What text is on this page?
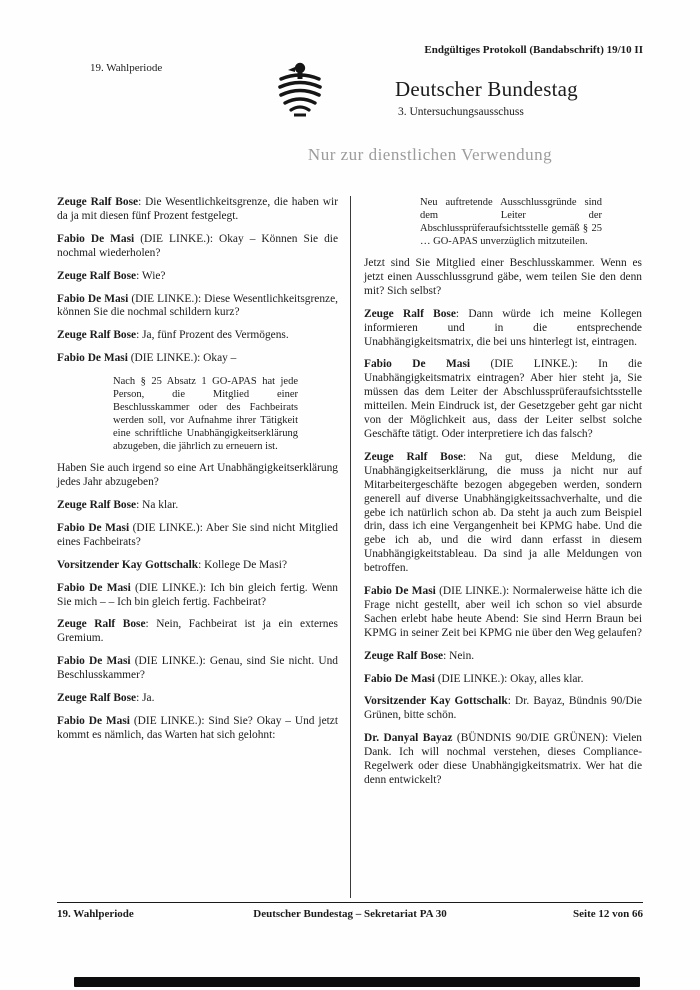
Endgültiges Protokoll (Bandabschrift) 19/10 II
19. Wahlperiode
Deutscher Bundestag
3. Untersuchungsausschuss
Nur zur dienstlichen Verwendung

Zeuge Ralf Bose: Die Wesentlichkeitsgrenze, die haben wir da ja mit diesen fünf Prozent festgelegt.

Fabio De Masi (DIE LINKE.): Okay – Können Sie die nochmal wiederholen?

Zeuge Ralf Bose: Wie?

Fabio De Masi (DIE LINKE.): Diese Wesentlichkeitsgrenze, können Sie die nochmal schildern kurz?

Zeuge Ralf Bose: Ja, fünf Prozent des Vermögens.

Fabio De Masi (DIE LINKE.): Okay –

Nach § 25 Absatz 1 GO-APAS hat jede Person, die Mitglied einer Beschlusskammer oder des Fachbeirats werden soll, vor Aufnahme ihrer Tätigkeit eine schriftliche Unabhängigkeitserklärung abzugeben, die jährlich zu erneuern ist.

Haben Sie auch irgend so eine Art Unabhängigkeitserklärung jedes Jahr abzugeben?

Zeuge Ralf Bose: Na klar.

Fabio De Masi (DIE LINKE.): Aber Sie sind nicht Mitglied eines Fachbeirats?

Vorsitzender Kay Gottschalk: Kollege De Masi?

Fabio De Masi (DIE LINKE.): Ich bin gleich fertig. Wenn Sie mich – – Ich bin gleich fertig. Fachbeirat?

Zeuge Ralf Bose: Nein, Fachbeirat ist ja ein externes Gremium.

Fabio De Masi (DIE LINKE.): Genau, sind Sie nicht. Und Beschlusskammer?

Zeuge Ralf Bose: Ja.

Fabio De Masi (DIE LINKE.): Sind Sie? Okay – Und jetzt kommt es nämlich, das Warten hat sich gelohnt:

Neu auftretende Ausschlussgründe sind dem Leiter der Abschlussprüferaufsichtsstelle gemäß § 25 … GO-APAS unverzüglich mitzuteilen.

Jetzt sind Sie Mitglied einer Beschlusskammer. Wenn es jetzt einen Ausschlussgrund gäbe, wem teilen Sie den denn mit? Sich selbst?

Zeuge Ralf Bose: Dann würde ich meine Kollegen informieren und in die entsprechende Unabhängigkeitsmatrix, die bei uns hinterlegt ist, eintragen.

Fabio De Masi (DIE LINKE.): In die Unabhängigkeitsmatrix eintragen? Aber hier steht ja, Sie müssen das dem Leiter der Abschlussprüferaufsichtsstelle mitteilen. Mein Eindruck ist, der Gesetzgeber geht gar nicht von der Möglichkeit aus, dass der Leiter selbst solche Geschäfte tätigt. Oder interpretiere ich das falsch?

Zeuge Ralf Bose: Na gut, diese Meldung, die Unabhängigkeitserklärung, die muss ja nicht nur auf Mitarbeitergeschäfte bezogen abgegeben werden, sondern generell auf diverse Unabhängigkeitssachverhalte, und die gebe ich natürlich schon ab. Da steht ja auch zum Beispiel drin, dass ich eine Vergangenheit bei KPMG habe. Und die gebe ich ab, und die wird dann erfasst in diesem Unabhängigkeitstableau. Da sind ja alle Meldungen von betroffen.

Fabio De Masi (DIE LINKE.): Normalerweise hätte ich die Frage nicht gestellt, aber weil ich schon so viel absurde Sachen erlebt habe heute Abend: Sie sind Herrn Braun bei KPMG in seiner Zeit bei KPMG nie über den Weg gelaufen?

Zeuge Ralf Bose: Nein.

Fabio De Masi (DIE LINKE.): Okay, alles klar.

Vorsitzender Kay Gottschalk: Dr. Bayaz, Bündnis 90/Die Grünen, bitte schön.

Dr. Danyal Bayaz (BÜNDNIS 90/DIE GRÜNEN): Vielen Dank. Ich will nochmal verstehen, dieses Compliance-Regelwerk oder diese Unabhängigkeitsmatrix. Wer hat die denn entwickelt?

19. Wahlperiode	Deutscher Bundestag – Sekretariat PA 30	Seite 12 von 66
